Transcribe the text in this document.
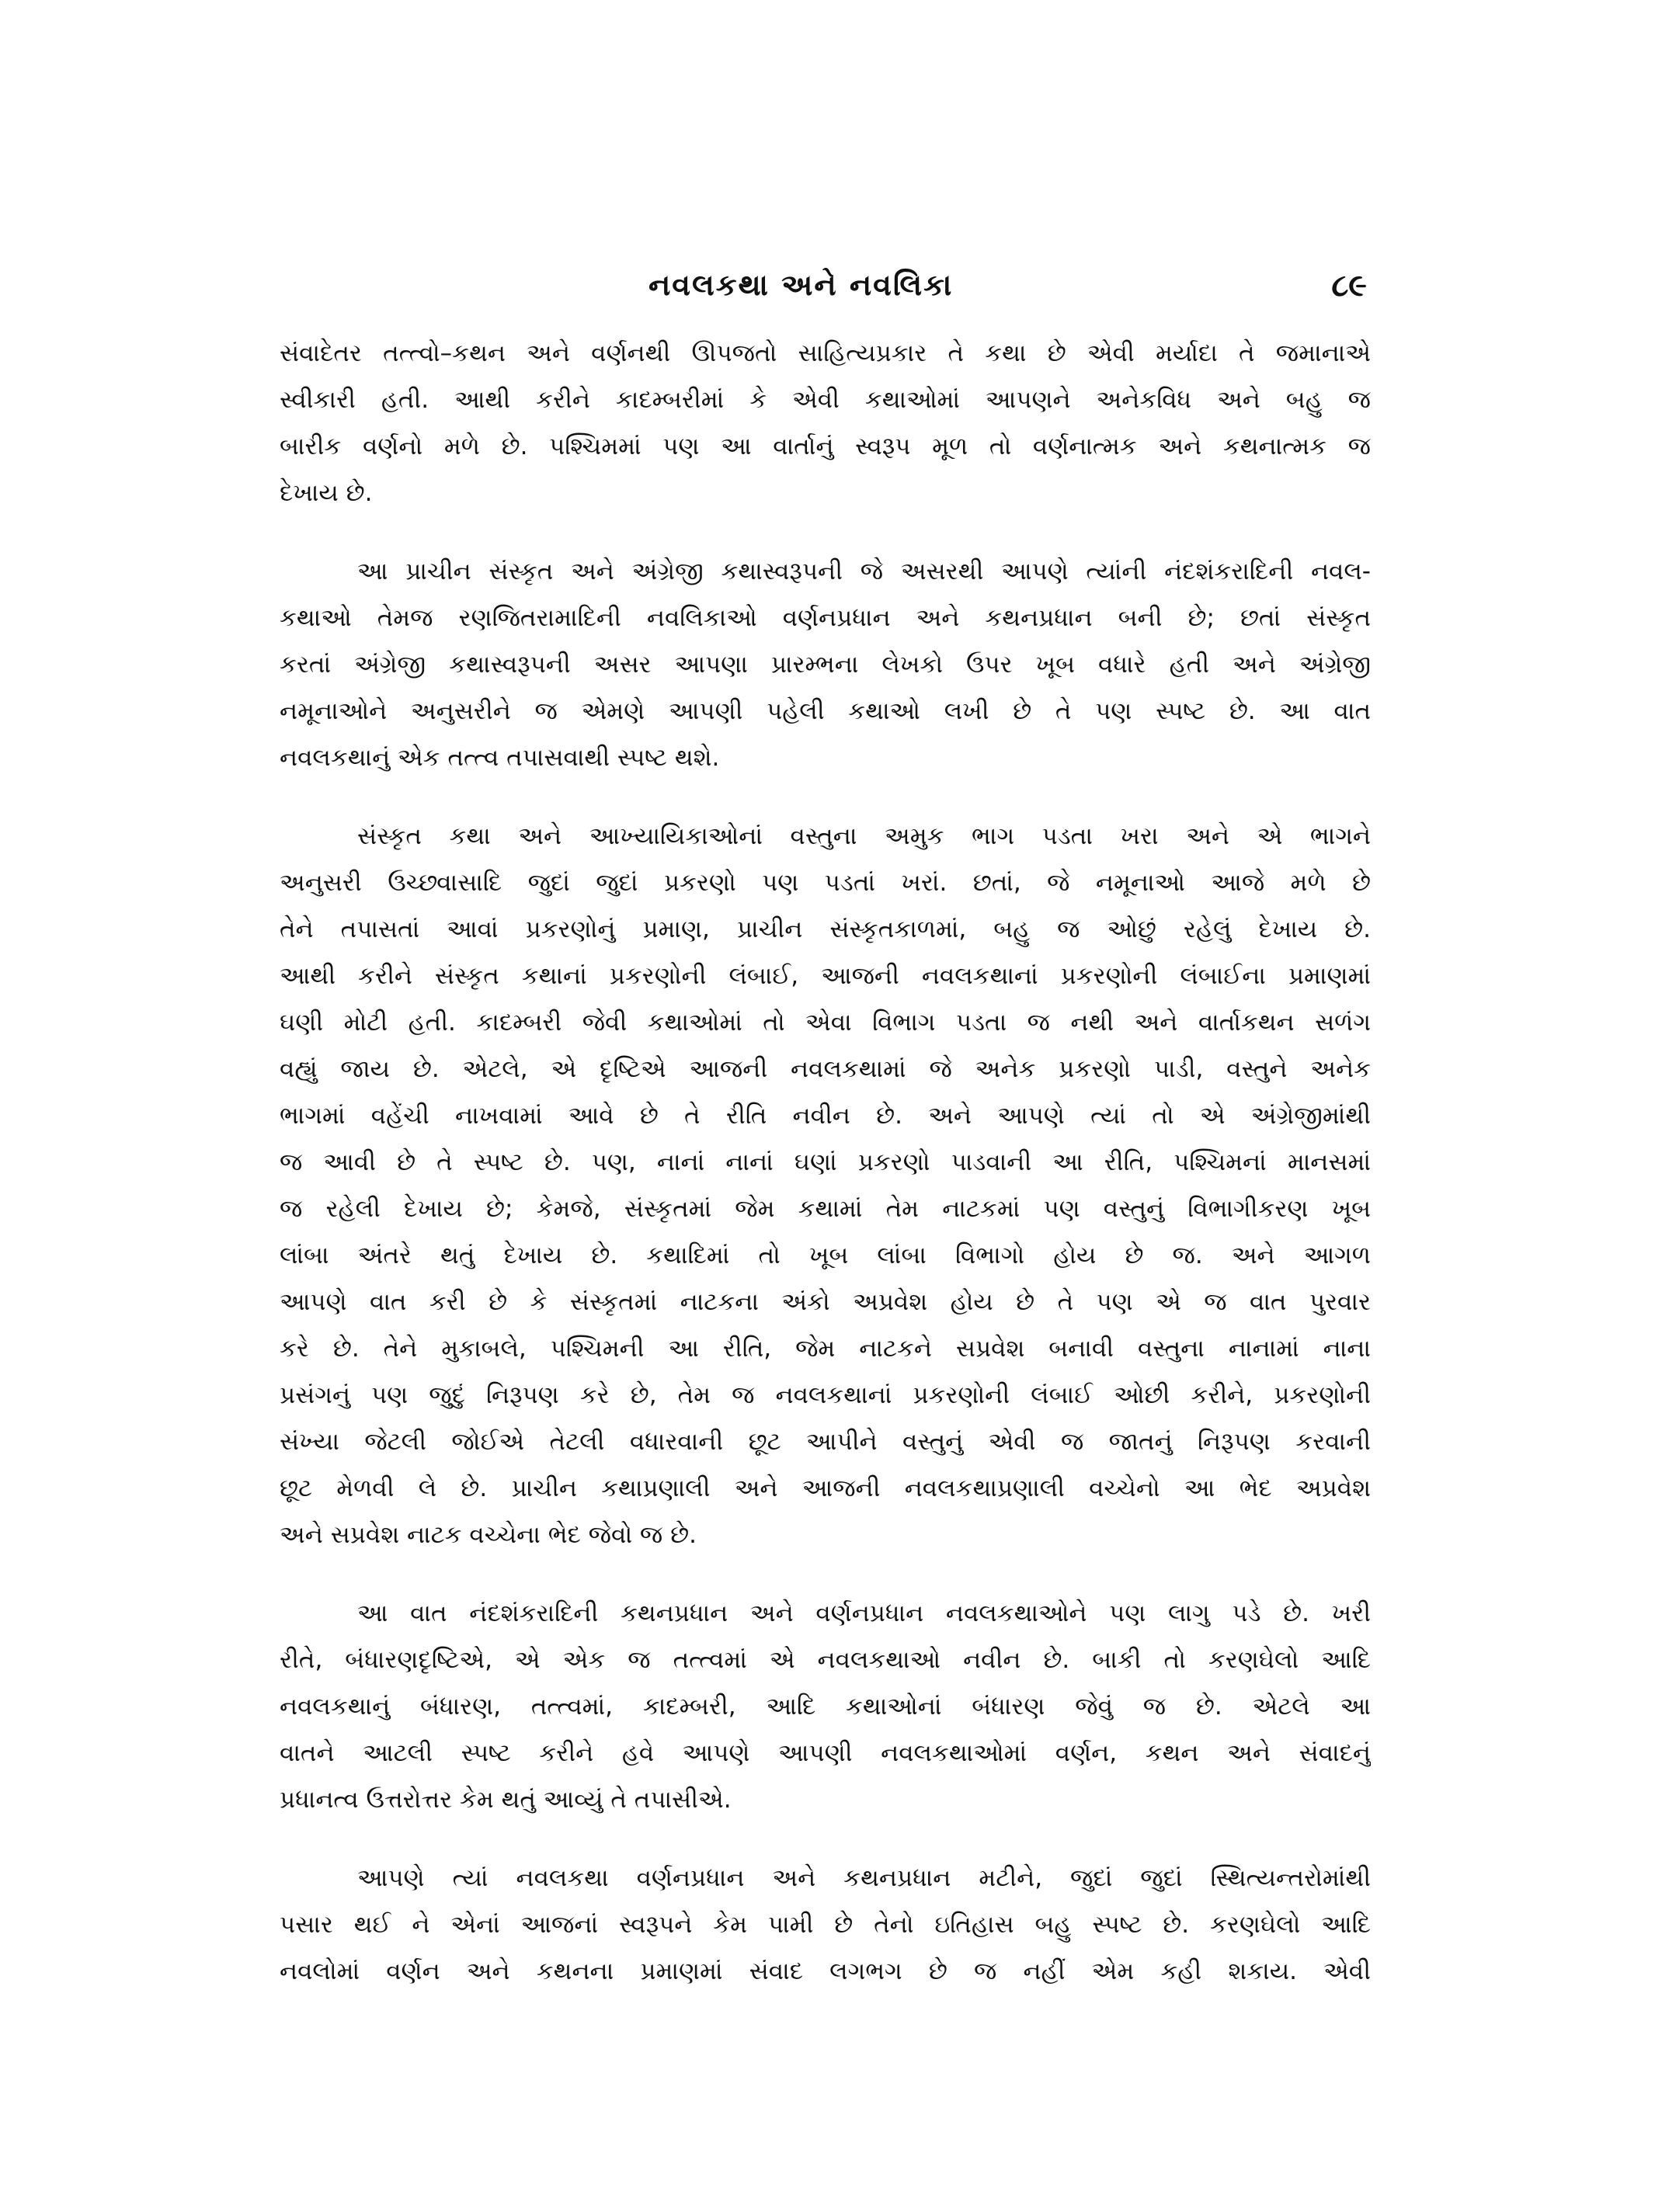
નવલકથા અને નવલિકા	૮૯
સંવાદેતર તત્ત્વો–કથન અને વર્ણનથી ઊપજતો સાહિત્યપ્રકાર તે કથા છે એવી મર્યાદા તે જમાનાએ
સ્વીકારી હતી. આથી કરીને કાદમ્બરીમાં કે એવી કથાઓમાં આપણને અનેકવિધ અને બહુ જ
બારીક વર્ણનો મળે છે. પશ્ચિમમાં પણ આ વાર્તાનું સ્વરૂપ મૂળ તો વર્ણનાત્મક અને કથનાત્મક જ
દેખાય છે.
આ પ્રાચીન સંસ્કૃત અને અંગ્રેજી કથાસ્વરૂપની જે અસરથી આપણે ત્યાંની નંદશંકરાદિની નવલ-
કથાઓ તેમજ રણજિતરામાદિની નવલિકાઓ વર્ણનપ્રધાન અને કથનપ્રધાન બની છે; છતાં સંસ્કૃત
કરતાં અંગ્રેજી કથાસ્વરૂપની અસર આપણા પ્રારમ્ભના લેખકો ઉપર ખૂબ વધારે હતી અને અંગ્રેજી
નમૂનાઓને અનુસરીને જ એમણે આપણી પહેલી કથાઓ લખી છે તે પણ સ્પષ્ટ છે. આ વાત
નવલકથાનું એક તત્ત્વ તપાસવાથી સ્પષ્ટ થશે.
સંસ્કૃત કથા અને આખ્યાયિકાઓનાં વસ્તુના અમુક ભાગ પડતા ખરા અને એ ભાગને
અનુસરી ઉચ્છ્વાસાદિ જુદાં જુદાં પ્રકરણો પણ પડતાં ખરાં. છતાં, જે નમૂનાઓ આજે મળે છે
તેને તપાસતાં આવાં પ્રકરણોનું પ્રમાણ, પ્રાચીન સંસ્કૃતકાળમાં, બહુ જ ઓછું રહેલું દેખાય છે.
આથી કરીને સંસ્કૃત કથાનાં પ્રકરણોની લંબાઈ, આજની નવલકથાનાં પ્રકરણોની લંબાઈના પ્રમાણમાં
ઘણી મોટી હતી. કાદમ્બરી જેવી કથાઓમાં તો એવા વિભાગ પડતા જ નથી અને વાર્તાકથન સળંગ
વહ્યું જાય છે. એટલે, એ દૃષ્ટિએ આજની નવલકથામાં જે અનેક પ્રકરણો પાડી, વસ્તુને અનેક
ભાગમાં વહેંચી નાખવામાં આવે છે તે રીતિ નવીન છે. અને આપણે ત્યાં તો એ અંગ્રેજીમાંથી
જ આવી છે તે સ્પષ્ટ છે. પણ, નાનાં નાનાં ઘણાં પ્રકરણો પાડવાની આ રીતિ, પશ્ચિમનાં માનસમાં
જ રહેલી દેખાય છે; કેમજે, સંસ્કૃતમાં જેમ કથામાં તેમ નાટકમાં પણ વસ્તુનું વિભાગીકરણ ખૂબ
લાંબા અંતરે થતું દેખાય છે. કથાદિમાં તો ખૂબ લાંબા વિભાગો હોય છે જ. અને આગળ
આપણે વાત કરી છે કે સંસ્કૃતમાં નાટકના અંકો અપ્રવેશ હોય છે તે પણ એ જ વાત પુરવાર
કરે છે. તેને મુકાબલે, પશ્ચિમની આ રીતિ, જેમ નાટકને સપ્રવેશ બનાવી વસ્તુના નાનામાં નાના
પ્રસંગનું પણ જુદું નિરૂપણ કરે છે, તેમ જ નવલકથાનાં પ્રકરણોની લંબાઈ ઓછી કરીને, પ્રકરણોની
સંખ્યા જેટલી જોઈએ તેટલી વધારવાની છૂટ આપીને વસ્તુનું એવી જ જાતનું નિરૂપણ કરવાની
છૂટ મેળવી લે છે. પ્રાચીન કથાપ્રણાલી અને આજની નવલકથાપ્રણાલી વચ્ચેનો આ ભેદ અપ્રવેશ
અને સપ્રવેશ નાટક વચ્ચેના ભેદ જેવો જ છે.
આ વાત નંદશંકરાદિની કથનપ્રધાન અને વર્ણનપ્રધાન નવલકથાઓને પણ લાગુ પડે છે. ખરી
રીતે, બંધારણદૃષ્ટિએ, એ એક જ તત્ત્વમાં એ નવલકથાઓ નવીન છે. બાકી તો કરણઘેલો આદિ
નવલકથાનું બંધારણ, તત્ત્વમાં, કાદમ્બરી, આદિ કથાઓનાં બંધારણ જેવું જ છે. એટલે આ
વાતને આટલી સ્પષ્ટ કરીને હવે આપણે આપણી નવલકથાઓમાં વર્ણન, કથન અને સંવાદનું
પ્રધાનત્વ ઉત્તરોત્તર કેમ થતું આવ્યું તે તપાસીએ.
આપણે ત્યાં નવલકથા વર્ણનપ્રધાન અને કથનપ્રધાન મટીને, જુદાં જુદાં સ્થિત્યન્તરોમાંથી
પસાર થઈ ને એનાં આજનાં સ્વરૂપને કેમ પામી છે તેનો ઇતિહાસ બહુ સ્પષ્ટ છે. કરણઘેલો આદિ
નવલોમાં વર્ણન અને કથનના પ્રમાણમાં સંવાદ લગભગ છે જ નહીં એમ કહી શકાય. એવી
